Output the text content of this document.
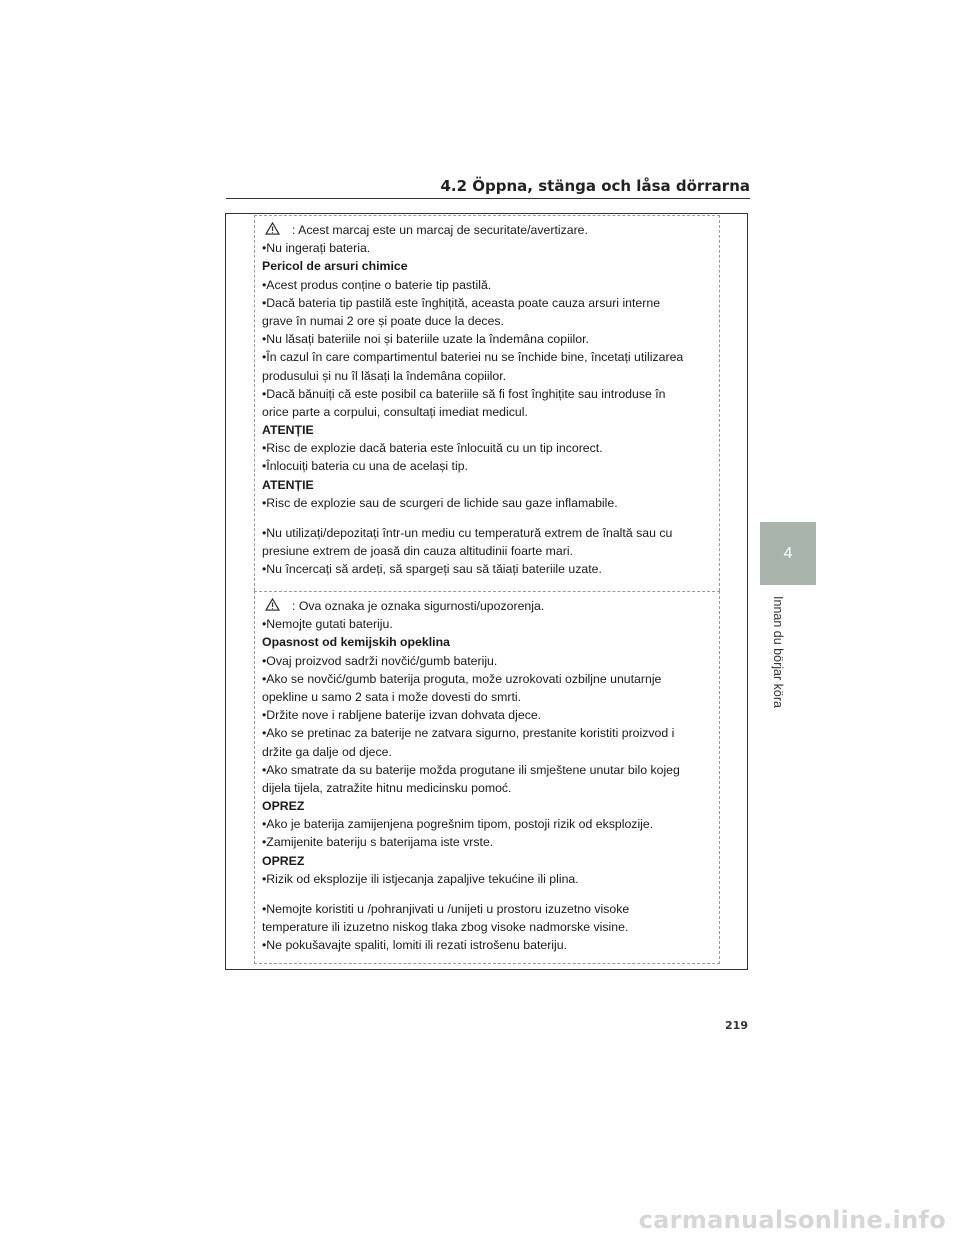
4.2 Öppna, stänga och låsa dörrarna
: Acest marcaj este un marcaj de securitate/avertizare.
•Nu ingerați bateria.
Pericol de arsuri chimice
•Acest produs conține o baterie tip pastilă.
•Dacă bateria tip pastilă este înghițită, aceasta poate cauza arsuri interne
grave în numai 2 ore și poate duce la deces.
•Nu lăsați bateriile noi și bateriile uzate la îndemâna copiilor.
•În cazul în care compartimentul bateriei nu se închide bine, încetați utilizarea
produsului și nu îl lăsați la îndemâna copiilor.
•Dacă bănuiți că este posibil ca bateriile să fi fost înghițite sau introduse în
orice parte a corpului, consultați imediat medicul.
ATENȚIE
•Risc de explozie dacă bateria este înlocuită cu un tip incorect.
•Înlocuiți bateria cu una de același tip.
ATENȚIE
•Risc de explozie sau de scurgeri de lichide sau gaze inflamabile.
•Nu utilizați/depozitați într-un mediu cu temperatură extrem de înaltă sau cu
presiune extrem de joasă din cauza altitudinii foarte mari.
•Nu încercați să ardeți, să spargeți sau să tăiați bateriile uzate.
: Ova oznaka je oznaka sigurnosti/upozorenja.
•Nemojte gutati bateriju.
Opasnost od kemijskih opeklina
•Ovaj proizvod sadrži novčić/gumb bateriju.
•Ako se novčić/gumb baterija proguta, može uzrokovati ozbiljne unutarnje
opekline u samo 2 sata i može dovesti do smrti.
•Držite nove i rabljene baterije izvan dohvata djece.
•Ako se pretinac za baterije ne zatvara sigurno, prestanite koristiti proizvod i
držite ga dalje od djece.
•Ako smatrate da su baterije možda progutane ili smještene unutar bilo kojeg
dijela tijela, zatražite hitnu medicinsku pomoć.
OPREZ
•Ako je baterija zamijenjena pogrešnim tipom, postoji rizik od eksplozije.
•Zamijenite bateriju s baterijama iste vrste.
OPREZ
•Rizik od eksplozije ili istjecanja zapaljive tekućine ili plina.
•Nemojte koristiti u /pohranjivati u /unijeti u prostoru izuzetno visoke
temperature ili izuzetno niskog tlaka zbog visoke nadmorske visine.
•Ne pokušavajte spaliti, lomiti ili rezati istrošenu bateriju.
4
Innan du börjar köra
219
carmanualsonline.info
